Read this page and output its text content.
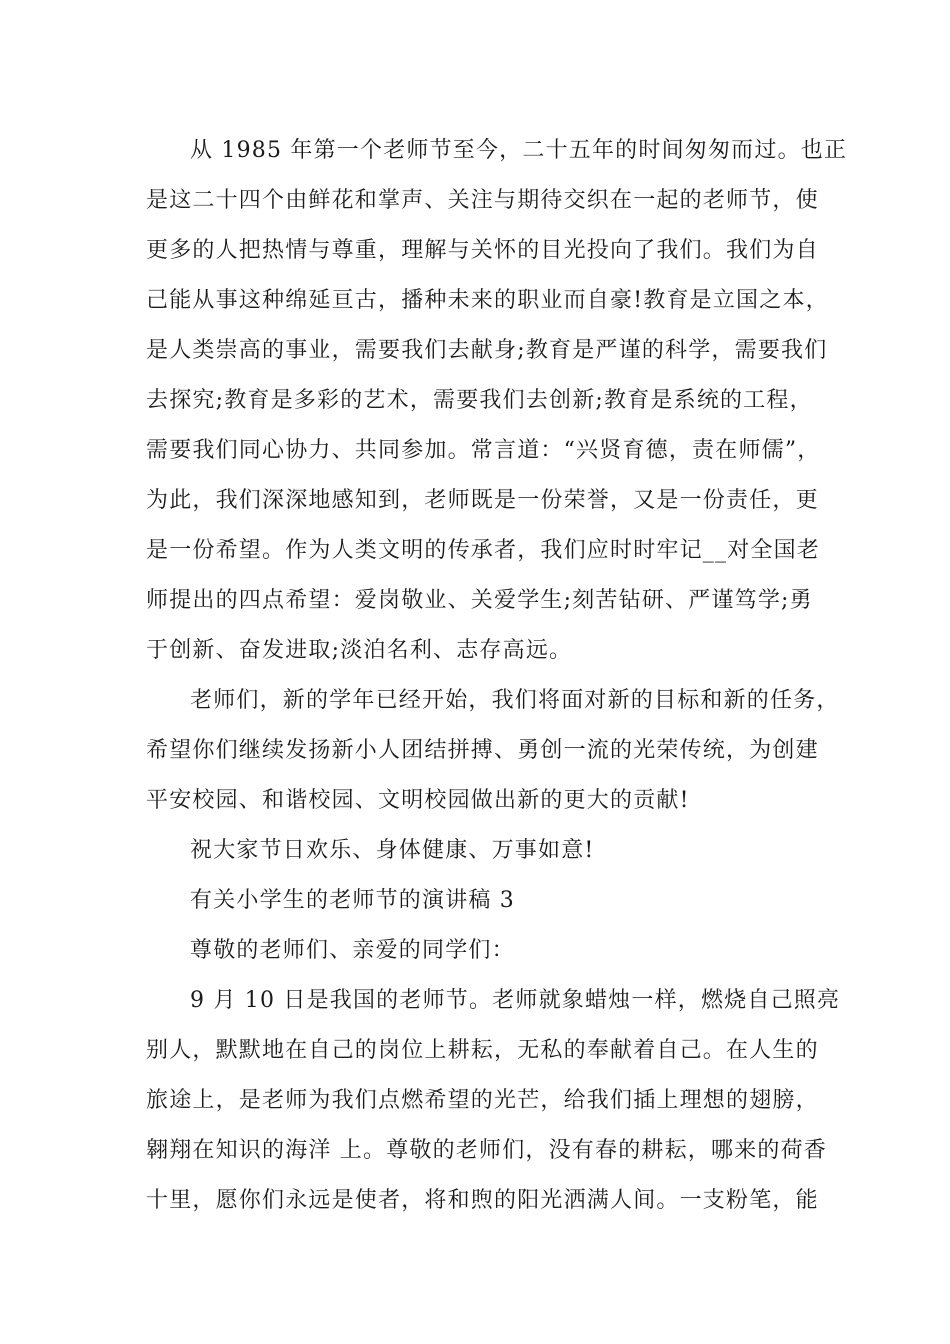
从 1985 年第一个老师节至今，二十五年的时间匆匆而过。也正
是这二十四个由鲜花和掌声、关注与期待交织在一起的老师节，使
更多的人把热情与尊重，理解与关怀的目光投向了我们。我们为自
己能从事这种绵延亘古，播种未来的职业而自豪!教育是立国之本，
是人类崇高的事业，需要我们去献身;教育是严谨的科学，需要我们
去探究;教育是多彩的艺术，需要我们去创新;教育是系统的工程，
需要我们同心协力、共同参加。常言道：“兴贤育德，责在师儒”，
为此，我们深深地感知到，老师既是一份荣誉，又是一份责任，更
是一份希望。作为人类文明的传承者，我们应时时牢记__对全国老
师提出的四点希望：爱岗敬业、关爱学生;刻苦钻研、严谨笃学;勇
于创新、奋发进取;淡泊名利、志存高远。
老师们，新的学年已经开始，我们将面对新的目标和新的任务，
希望你们继续发扬新小人团结拼搏、勇创一流的光荣传统，为创建
平安校园、和谐校园、文明校园做出新的更大的贡献!
祝大家节日欢乐、身体健康、万事如意!
有关小学生的老师节的演讲稿 3
尊敬的老师们、亲爱的同学们：
9 月 10 日是我国的老师节。老师就象蜡烛一样，燃烧自己照亮
别人，默默地在自己的岗位上耕耘，无私的奉献着自己。在人生的
旅途上，是老师为我们点燃希望的光芒，给我们插上理想的翅膀，
翱翔在知识的海洋 上。尊敬的老师们，没有春的耕耘，哪来的荷香
十里，愿你们永远是使者，将和煦的阳光洒满人间。一支粉笔，能
